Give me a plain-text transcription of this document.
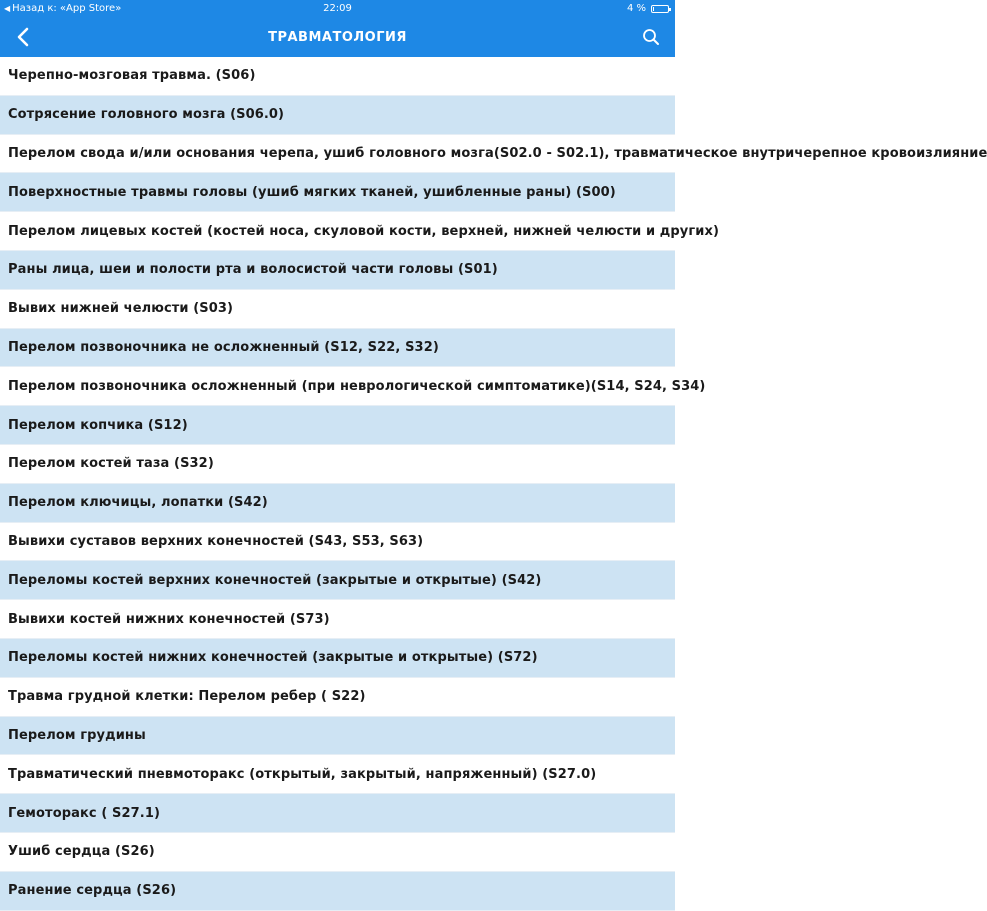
◀ Назад к: «App Store»	22:09	4 %
ТРАВМАТОЛОГИЯ
Черепно-мозговая травма. (S06)
Сотрясение головного мозга (S06.0)
Перелом свода и/или основания черепа, ушиб головного мозга(S02.0 - S02.1), травматическое внутричерепное кровоизлияние
Поверхностные травмы головы (ушиб мягких тканей, ушибленные раны) (S00)
Перелом лицевых костей (костей носа, скуловой кости, верхней, нижней челюсти и других)
Раны лица, шеи и полости рта и волосистой части головы (S01)
Вывих нижней челюсти (S03)
Перелом позвоночника не осложненный (S12, S22, S32)
Перелом позвоночника осложненный (при неврологической симптоматике)(S14, S24, S34)
Перелом копчика (S12)
Перелом костей таза (S32)
Перелом ключицы, лопатки (S42)
Вывихи суставов верхних конечностей (S43, S53, S63)
Переломы костей верхних конечностей (закрытые и открытые) (S42)
Вывихи костей нижних конечностей (S73)
Переломы костей нижних конечностей (закрытые и открытые) (S72)
Травма грудной клетки: Перелом ребер ( S22)
Перелом грудины
Травматический пневмоторакс (открытый, закрытый, напряженный) (S27.0)
Гемоторакс ( S27.1)
Ушиб сердца (S26)
Ранение сердца (S26)
